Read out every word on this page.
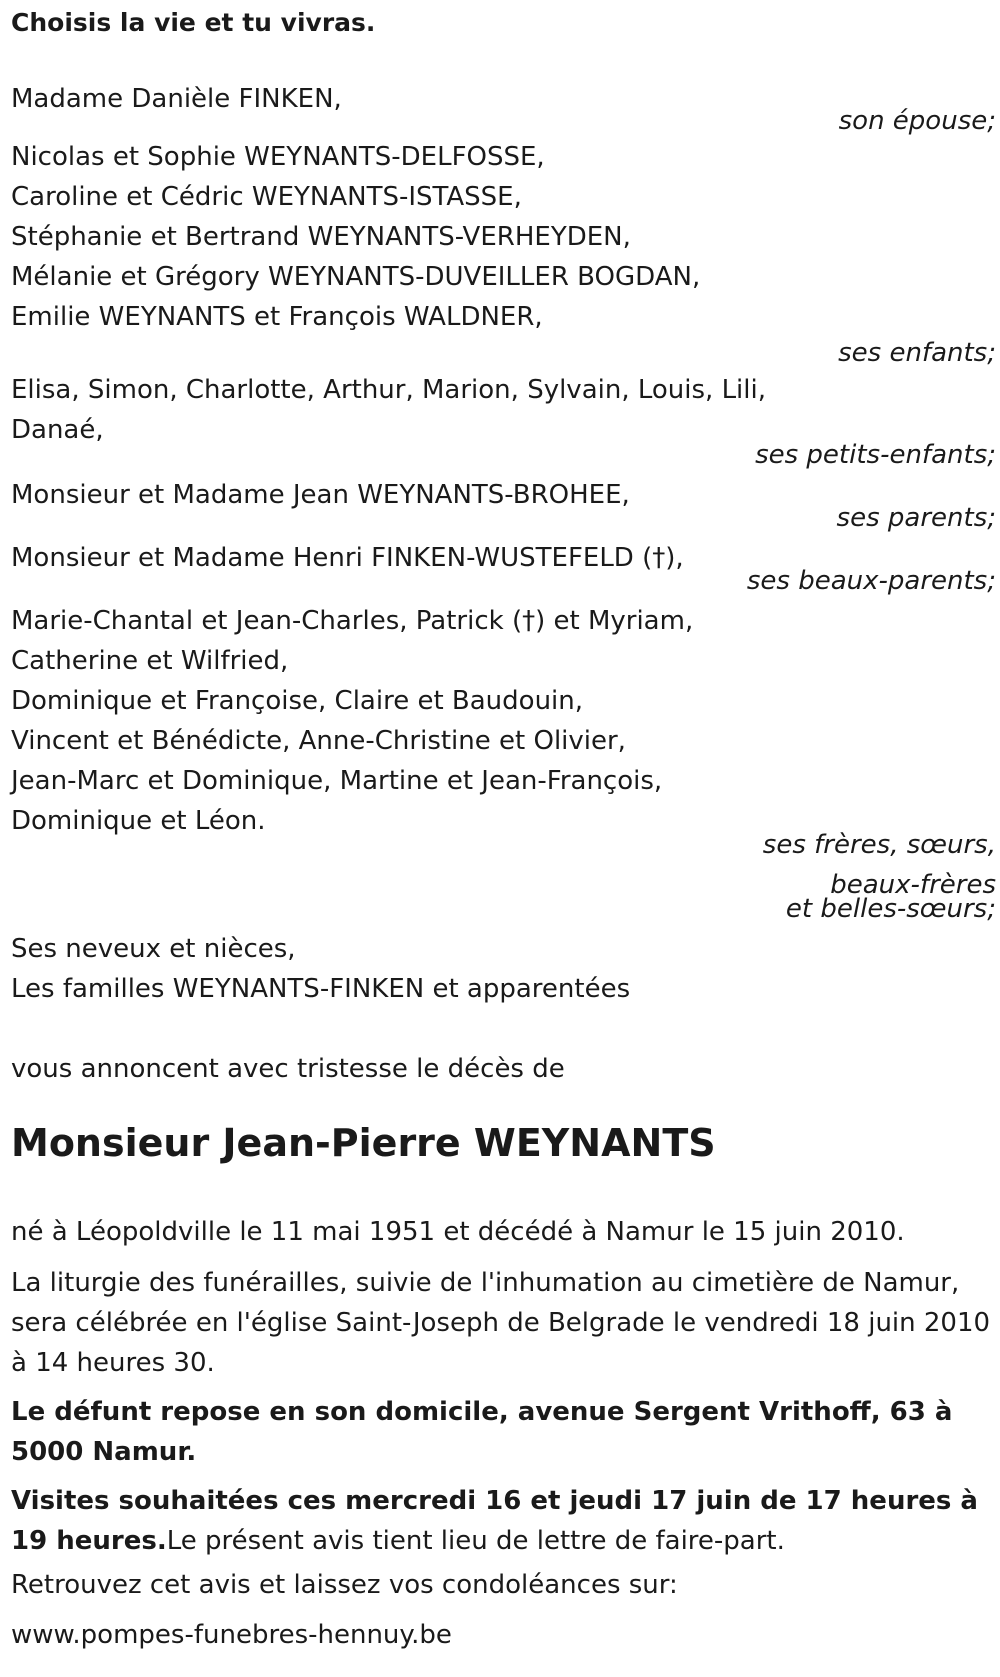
Choisis la vie et tu vivras.
Madame Danièle FINKEN,
son épouse;
Nicolas et Sophie WEYNANTS-DELFOSSE,
Caroline et Cédric WEYNANTS-ISTASSE,
Stéphanie et Bertrand WEYNANTS-VERHEYDEN,
Mélanie et Grégory WEYNANTS-DUVEILLER BOGDAN,
Emilie WEYNANTS et François WALDNER,
ses enfants;
Elisa, Simon, Charlotte, Arthur, Marion, Sylvain, Louis, Lili,
Danaé,
ses petits-enfants;
Monsieur et Madame Jean WEYNANTS-BROHEE,
ses parents;
Monsieur et Madame Henri FINKEN-WUSTEFELD (†),
ses beaux-parents;
Marie-Chantal et Jean-Charles, Patrick (†) et Myriam,
Catherine et Wilfried,
Dominique et Françoise, Claire et Baudouin,
Vincent et Bénédicte, Anne-Christine et Olivier,
Jean-Marc et Dominique, Martine et Jean-François,
Dominique et Léon.
ses frères, sœurs,
beaux-frères
et belles-sœurs;
Ses neveux et nièces,
Les familles WEYNANTS-FINKEN et apparentées
vous annoncent avec tristesse le décès de
Monsieur Jean-Pierre WEYNANTS
né à Léopoldville le 11 mai 1951 et décédé à Namur le 15 juin 2010.
La liturgie des funérailles, suivie de l'inhumation au cimetière de Namur, sera célébrée en l'église Saint-Joseph de Belgrade le vendredi 18 juin 2010 à 14 heures 30.
Le défunt repose en son domicile, avenue Sergent Vrithoff, 63 à 5000 Namur.
Visites souhaitées ces mercredi 16 et jeudi 17 juin de 17 heures à 19 heures.Le présent avis tient lieu de lettre de faire-part.
Retrouvez cet avis et laissez vos condoléances sur:
www.pompes-funebres-hennuy.be
